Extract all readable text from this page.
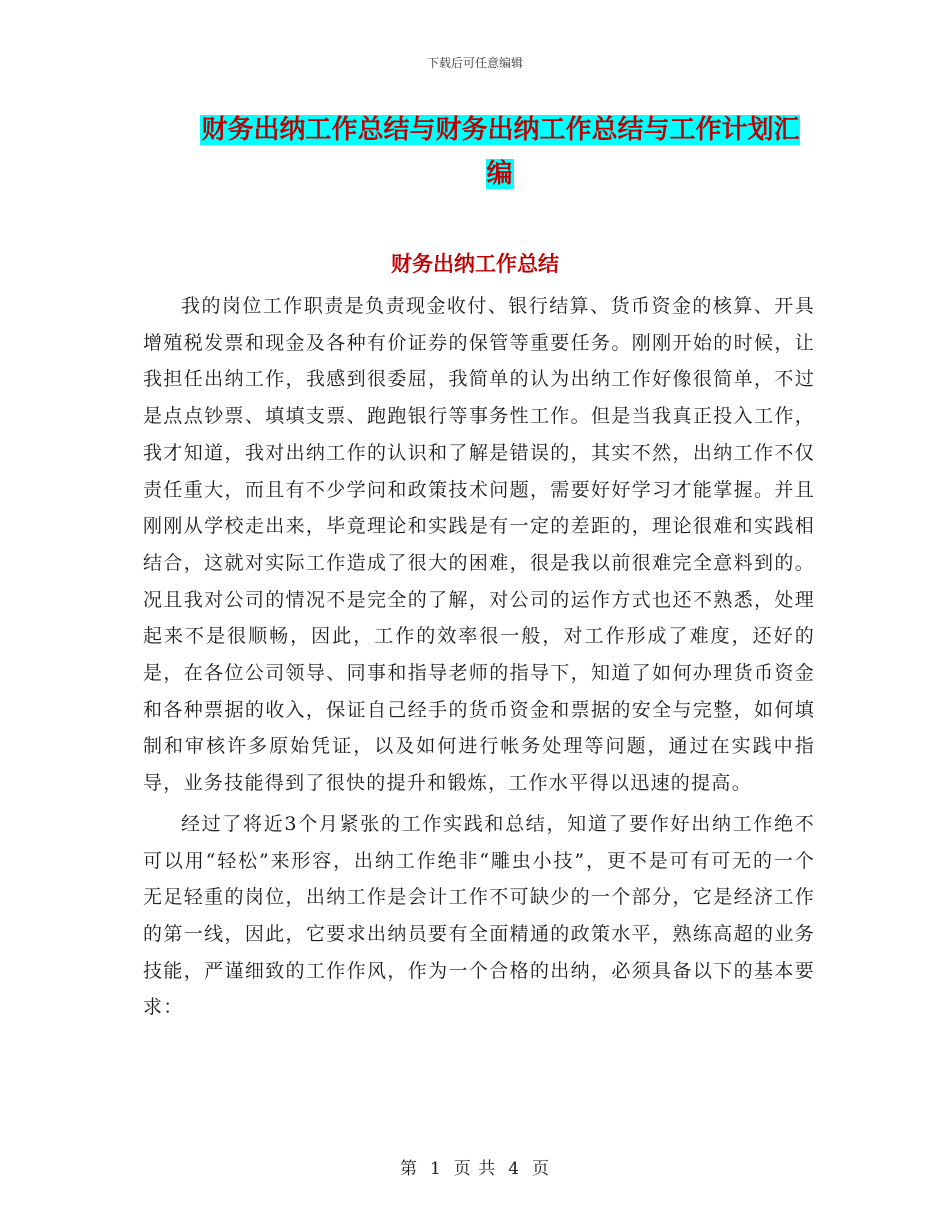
下载后可任意编辑
财务出纳工作总结与财务出纳工作总结与工作计划汇编
财务出纳工作总结

我的岗位工作职责是负责现金收付、银行结算、货币资金的核算、开具增殖税发票和现金及各种有价证券的保管等重要任务。刚刚开始的时候，让我担任出纳工作，我感到很委屈，我简单的认为出纳工作好像很简单，不过是点点钞票、填填支票、跑跑银行等事务性工作。但是当我真正投入工作，我才知道，我对出纳工作的认识和了解是错误的，其实不然，出纳工作不仅责任重大，而且有不少学问和政策技术问题，需要好好学习才能掌握。并且刚刚从学校走出来，毕竟理论和实践是有一定的差距的，理论很难和实践相结合，这就对实际工作造成了很大的困难，很是我以前很难完全意料到的。况且我对公司的情况不是完全的了解，对公司的运作方式也还不熟悉，处理起来不是很顺畅，因此，工作的效率很一般，对工作形成了难度，还好的是，在各位公司领导、同事和指导老师的指导下，知道了如何办理货币资金和各种票据的收入，保证自己经手的货币资金和票据的安全与完整，如何填制和审核许多原始凭证，以及如何进行帐务处理等问题，通过在实践中指导，业务技能得到了很快的提升和锻炼，工作水平得以迅速的提高。

经过了将近3个月紧张的工作实践和总结，知道了要作好出纳工作绝不可以用“轻松”来形容，出纳工作绝非“雕虫小技”，更不是可有可无的一个无足轻重的岗位，出纳工作是会计工作不可缺少的一个部分，它是经济工作的第一线，因此，它要求出纳员要有全面精通的政策水平，熟练高超的业务技能，严谨细致的工作作风，作为一个合格的出纳，必须具备以下的基本要求：

第 1 页 共 4 页
